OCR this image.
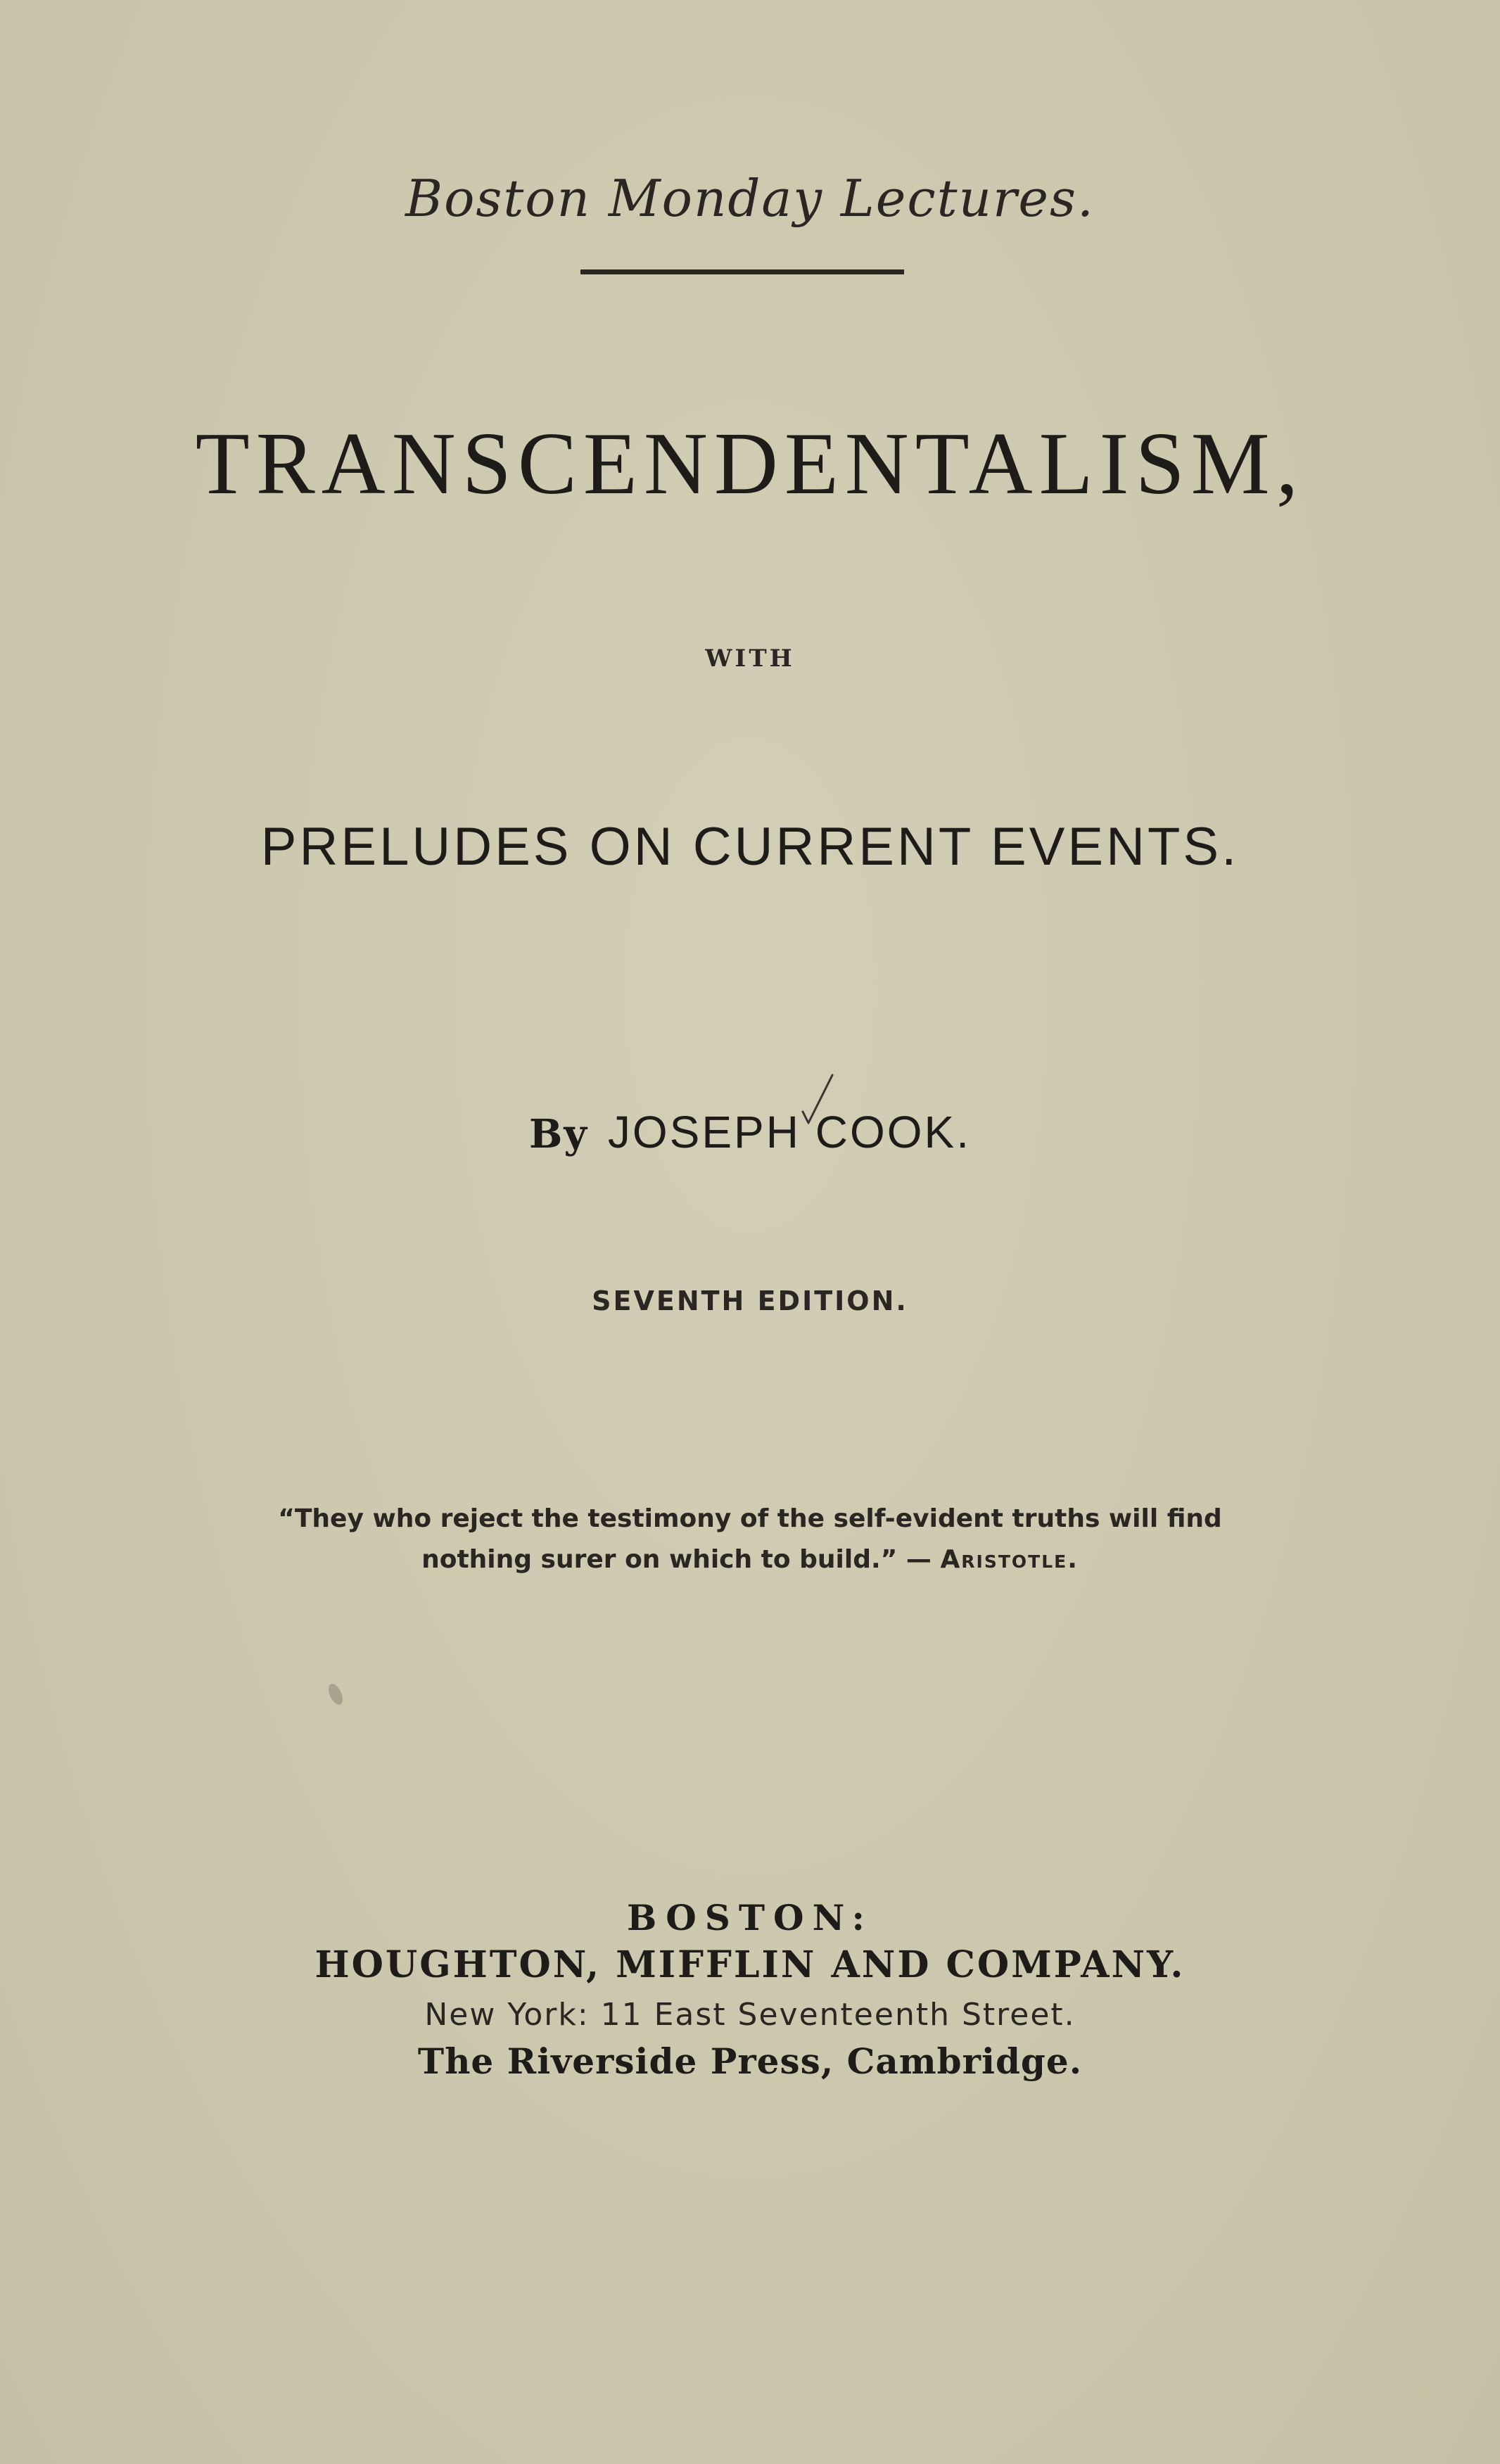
Boston Monday Lectures.
TRANSCENDENTALISM,
WITH
PRELUDES ON CURRENT EVENTS.
By JOSEPH COOK.
SEVENTH EDITION.
“They who reject the testimony of the self-evident truths will find
nothing surer on which to build.” — Aristotle.
BOSTON:
HOUGHTON, MIFFLIN AND COMPANY.
New York: 11 East Seventeenth Street.
The Riverside Press, Cambridge.
